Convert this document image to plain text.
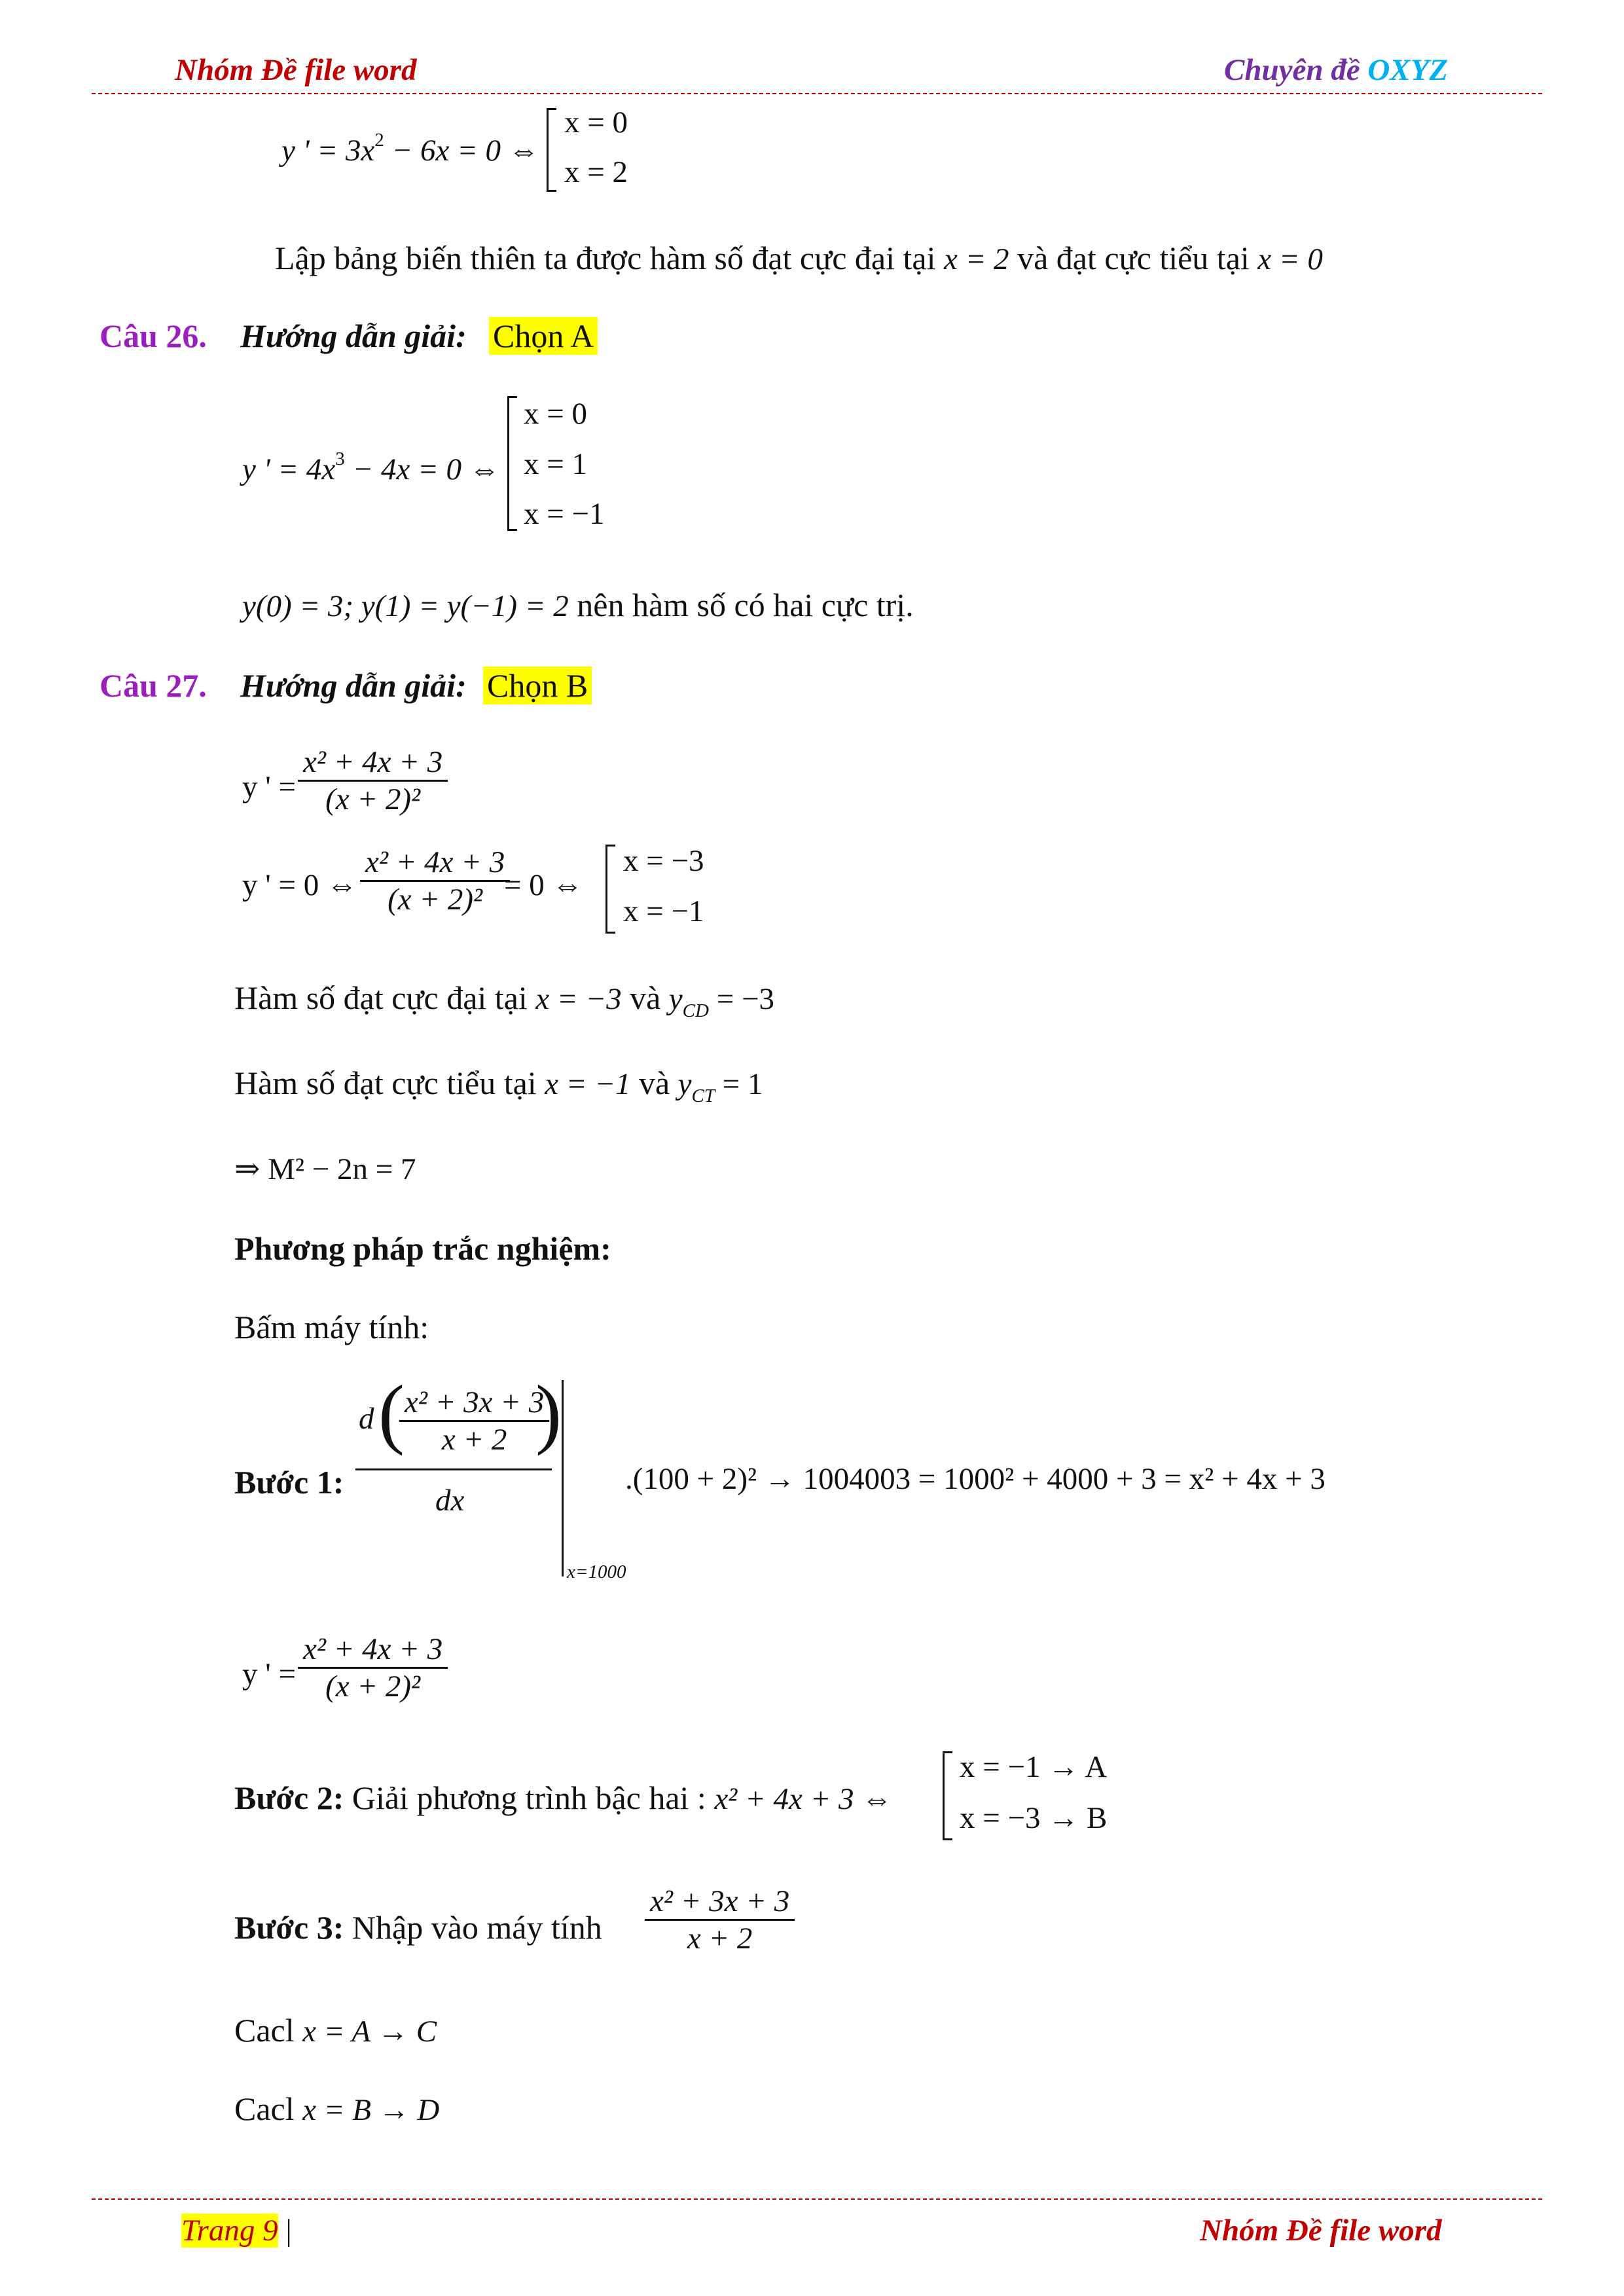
Nhóm Đề file word	Chuyên đề OXYZ
y ' = $3x^2 - 6x = 0$ ⇔
x = 0
x = 2
Lập bảng biến thiên ta được hàm số đạt cực đại tại x = 2 và đạt cực tiểu tại x = 0
Câu 26. Hướng dẫn giải: Chọn A
y ' = $4x^3 - 4x = 0$ ⇔
x = 0
x = 1
x = −1
y(0) = 3; y(1) = y(−1) = 2 nên hàm số có hai cực trị.
Câu 27. Hướng dẫn giải: Chọn B
y ' = $\frac{\text{x² + 4x + 3}}{\text{(x + 2)²}}$
y ' = 0 ⇔ $\frac{\text{x² + 4x + 3}}{\text{(x + 2)²}}$
= 0 ⇔
x = −3
x = −1
Hàm số đạt cực đại tại x = −3 và $y_{CD} = -3$
Hàm số đạt cực tiểu tại x = −1 và $y_{CT} = 1$
⇒ M² − 2n = 7
Phương pháp trắc nghiệm:
Bấm máy tính:
Bước 1:
d (
$\frac{\text{x² + 3x + 3}}{x + 2}$
)
dx
x=1000
.(100 + 2)² → 1004003 = 1000² + 4000 + 3 = x² + 4x + 3
y ' = $\frac{\text{x² + 4x + 3}}{\text{(x + 2)²}}$
Bước 2: Giải phương trình bậc hai : x² + 4x + 3 ⇔
x = −1 → A
x = −3 → B
Bước 3: Nhập vào máy tính $\frac{\text{x² + 3x + 3}}{x + 2}$
Cacl x = A → C
Cacl x = B → D
Trang 9 |	Nhóm Đề file word
